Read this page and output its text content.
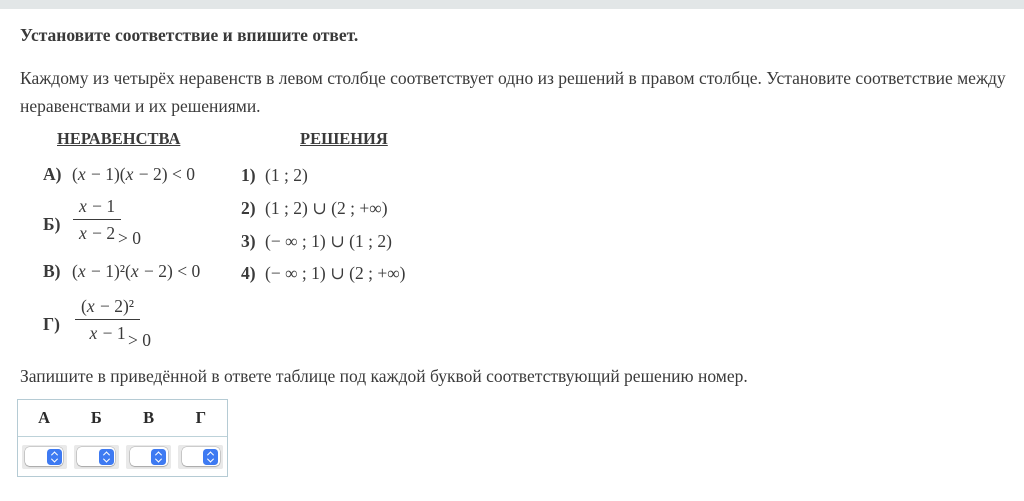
Установите соответствие и впишите ответ.
Каждому из четырёх неравенств в левом столбце соответствует одно из решений в правом столбце. Установите соответствие между неравенствами и их решениями.
НЕРАВЕНСТВА	РЕШЕНИЯ
А) (x − 1)(x − 2) < 0
$Б) \frac{x - 1}{x - 2}$
> 0
В) (x − 1)²(x − 2) < 0
$Г) \frac{\text{(x − 2)²}}{x - 1}$
> 0
1) (1 ; 2)
2) (1 ; 2) ∪ (2 ; +∞)
3) (− ∞ ; 1) ∪ (1 ; 2)
4) (− ∞ ; 1) ∪ (2 ; +∞)
Запишите в приведённой в ответе таблице под каждой буквой соответствующий решению номер.
А	Б	В	Г
